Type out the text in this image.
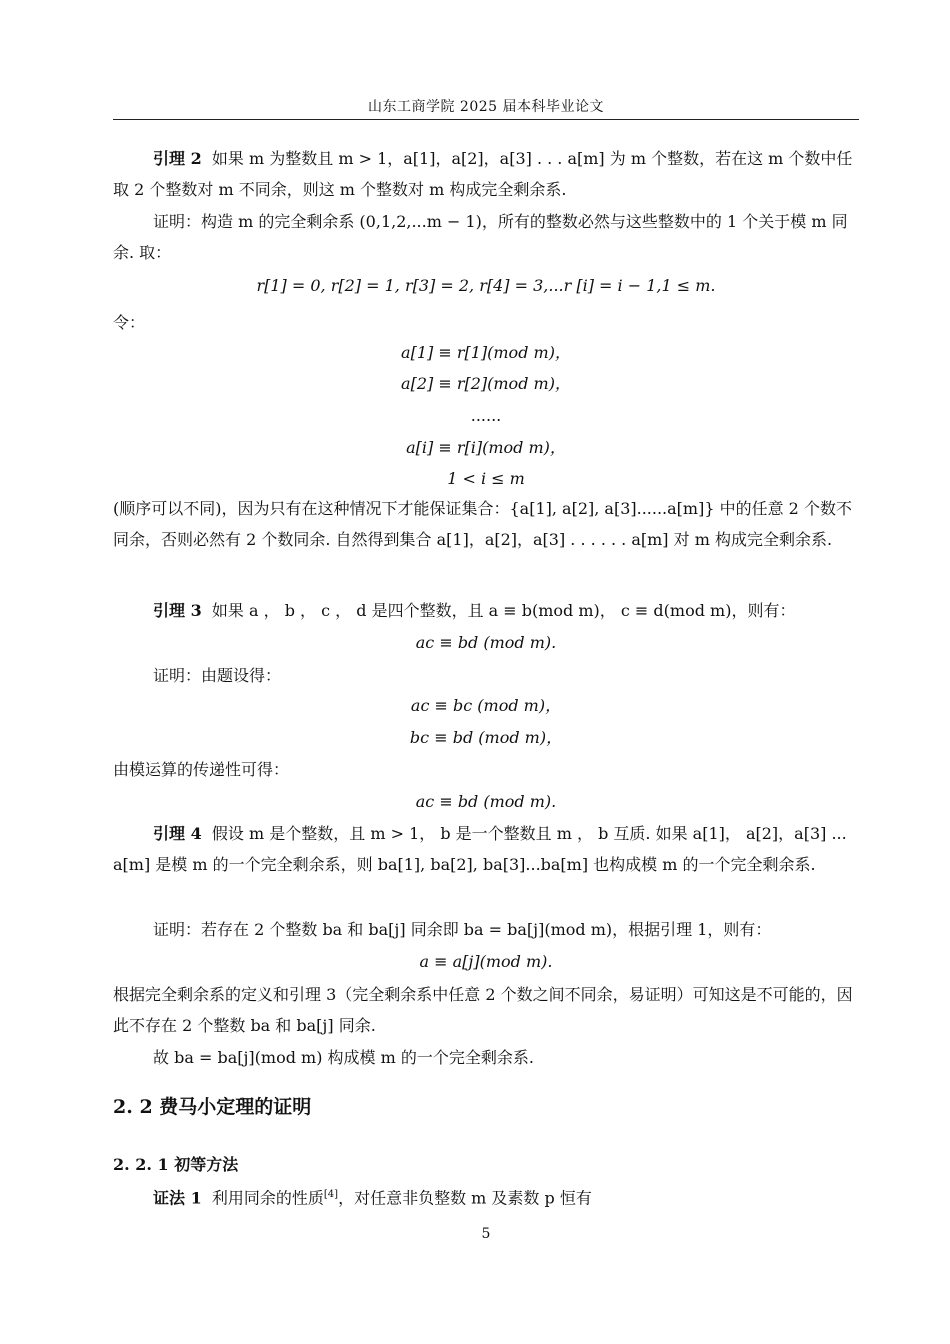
山东工商学院 2025 届本科毕业论文
引理 2 如果 m 为整数且 m > 1，a[1]，a[2]，a[3] . . . a[m] 为 m 个整数，若在这 m 个数中任取 2 个整数对 m 不同余，则这 m 个整数对 m 构成完全剩余系.
证明：构造 m 的完全剩余系 (0,1,2,...m − 1)，所有的整数必然与这些整数中的 1 个关于模 m 同余. 取：
r[1] = 0, r[2] = 1, r[3] = 2, r[4] = 3,...r [i] = i − 1,1 ≤ m.
令：
a[1] ≡ r[1](mod m)，
a[2] ≡ r[2](mod m)，
......
a[i] ≡ r[i](mod m)，
1 < i ≤ m
(顺序可以不同)，因为只有在这种情况下才能保证集合：{a[1], a[2], a[3]......a[m]} 中的任意 2 个数不同余，否则必然有 2 个数同余. 自然得到集合 a[1]，a[2]，a[3] . . . . . . a[m] 对 m 构成完全剩余系.
引理 3 如果 a ， b ， c ， d 是四个整数，且 a ≡ b(mod m)， c ≡ d(mod m)，则有：
ac ≡ bd (mod m).
证明：由题设得：
ac ≡ bc (mod m)，
bc ≡ bd (mod m)，
由模运算的传递性可得：
ac ≡ bd (mod m).
引理 4 假设 m 是个整数，且 m > 1， b 是一个整数且 m ， b 互质. 如果 a[1]， a[2]，a[3] ... a[m] 是模 m 的一个完全剩余系，则 ba[1], ba[2], ba[3]...ba[m] 也构成模 m 的一个完全剩余系.
证明：若存在 2 个整数 ba 和 ba[j] 同余即 ba = ba[j](mod m)，根据引理 1，则有：
a ≡ a[j](mod m).
根据完全剩余系的定义和引理 3（完全剩余系中任意 2 个数之间不同余，易证明）可知这是不可能的，因此不存在 2 个整数 ba 和 ba[j] 同余.
故 ba = ba[j](mod m) 构成模 m 的一个完全剩余系.
2. 2 费马小定理的证明
2. 2. 1 初等方法
证法 1 利用同余的性质[4]，对任意非负整数 m 及素数 p 恒有
5
